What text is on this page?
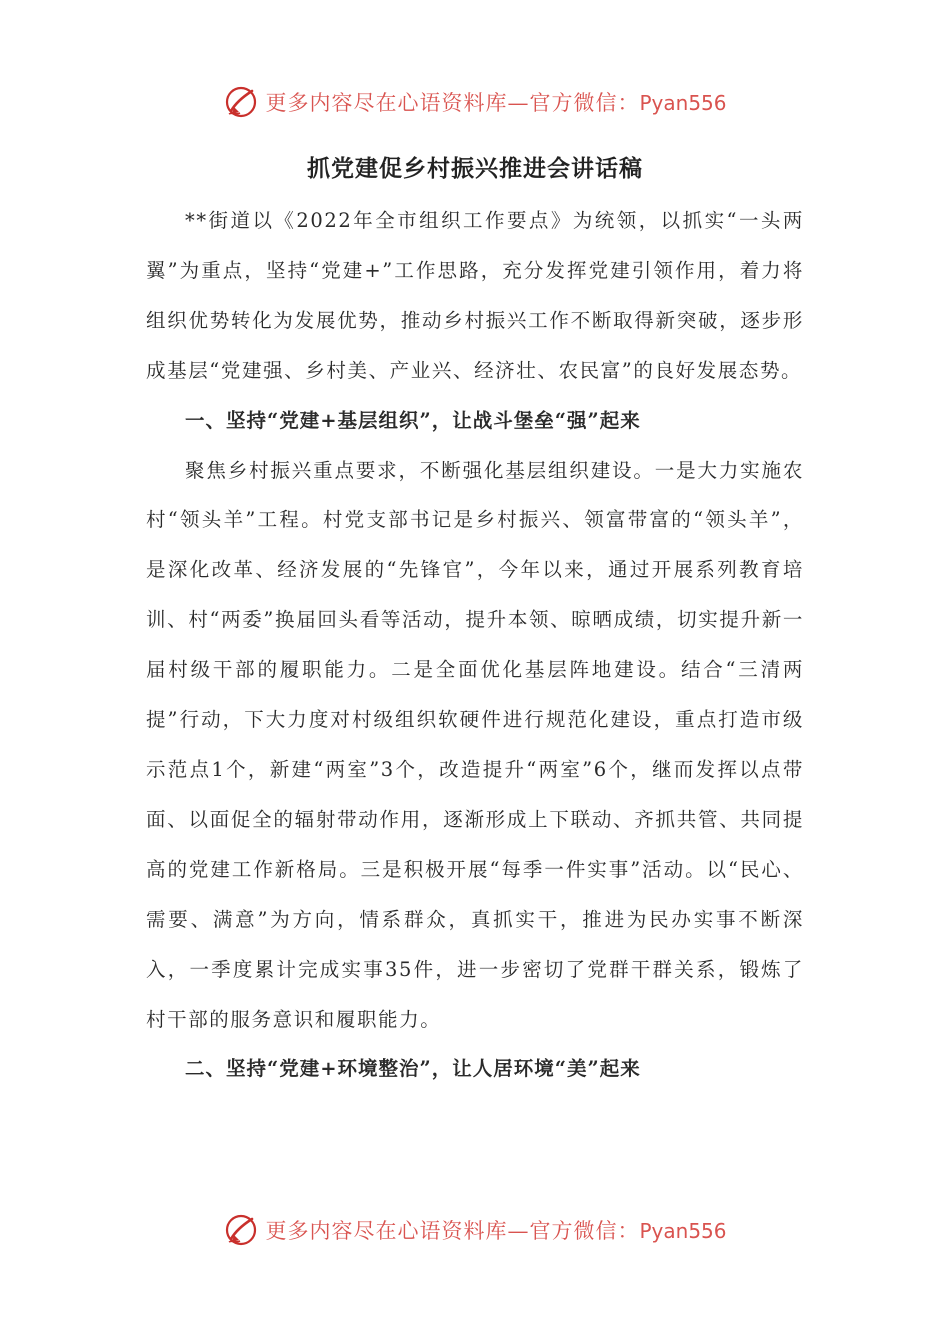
更多内容尽在心语资料库—官方微信：Pyan556
抓党建促乡村振兴推进会讲话稿

**街道以《2022年全市组织工作要点》为统领，以抓实“一头两翼”为重点，坚持“党建+”工作思路，充分发挥党建引领作用，着力将组织优势转化为发展优势，推动乡村振兴工作不断取得新突破，逐步形成基层“党建强、乡村美、产业兴、经济壮、农民富”的良好发展态势。

一、坚持“党建+基层组织”，让战斗堡垒“强”起来

聚焦乡村振兴重点要求，不断强化基层组织建设。一是大力实施农村“领头羊”工程。村党支部书记是乡村振兴、领富带富的“领头羊”，是深化改革、经济发展的“先锋官”，今年以来，通过开展系列教育培训、村“两委”换届回头看等活动，提升本领、晾晒成绩，切实提升新一届村级干部的履职能力。二是全面优化基层阵地建设。结合“三清两提”行动，下大力度对村级组织软硬件进行规范化建设，重点打造市级示范点1个，新建“两室”3个，改造提升“两室”6个，继而发挥以点带面、以面促全的辐射带动作用，逐渐形成上下联动、齐抓共管、共同提高的党建工作新格局。三是积极开展“每季一件实事”活动。以“民心、需要、满意”为方向，情系群众，真抓实干，推进为民办实事不断深入，一季度累计完成实事35件，进一步密切了党群干群关系，锻炼了村干部的服务意识和履职能力。

二、坚持“党建+环境整治”，让人居环境“美”起来

更多内容尽在心语资料库—官方微信：Pyan556
